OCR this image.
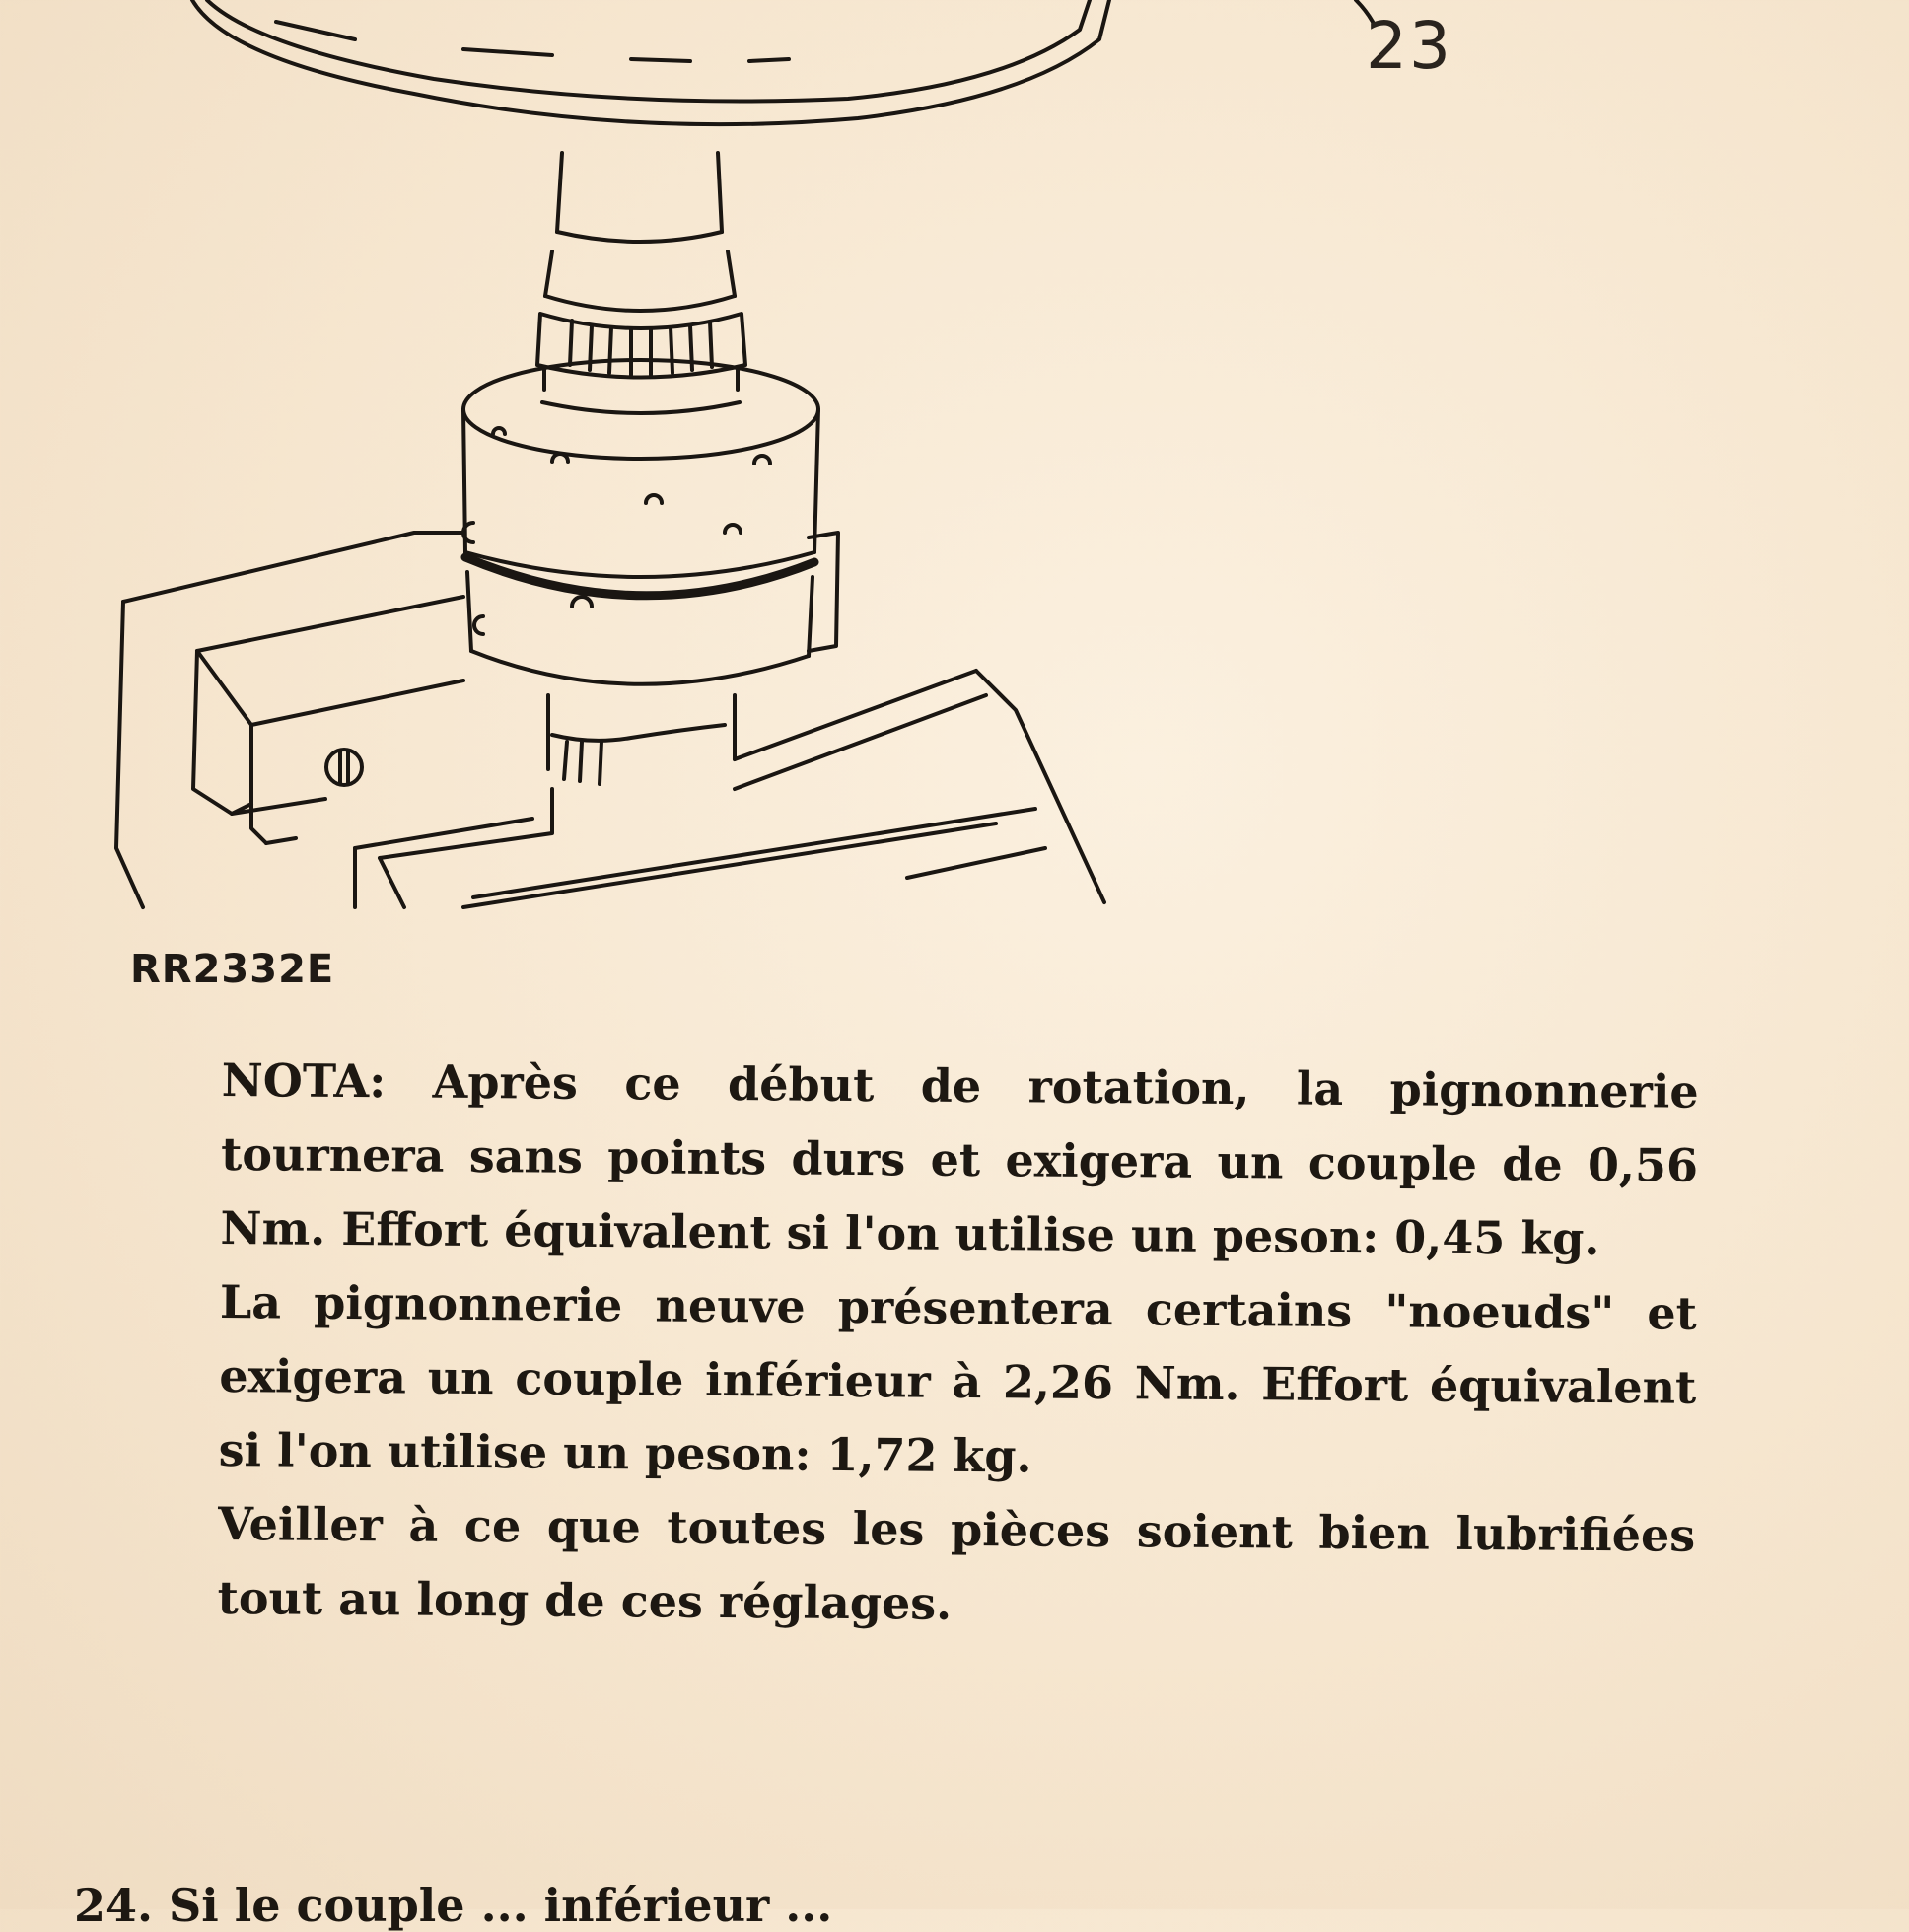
23
RR2332E

NOTA: Après ce début de rotation, la pignonnerie tournera sans points durs et exigera un couple de 0,56 Nm. Effort équivalent si l'on utilise un peson: 0,45 kg.

La pignonnerie neuve présentera certains "noeuds" et exigera un couple inférieur à 2,26 Nm. Effort équivalent si l'on utilise un peson: 1,72 kg.

Veiller à ce que toutes les pièces soient bien lubrifiées tout au long de ces réglages.

24. Si le couple ... inférieur ...
